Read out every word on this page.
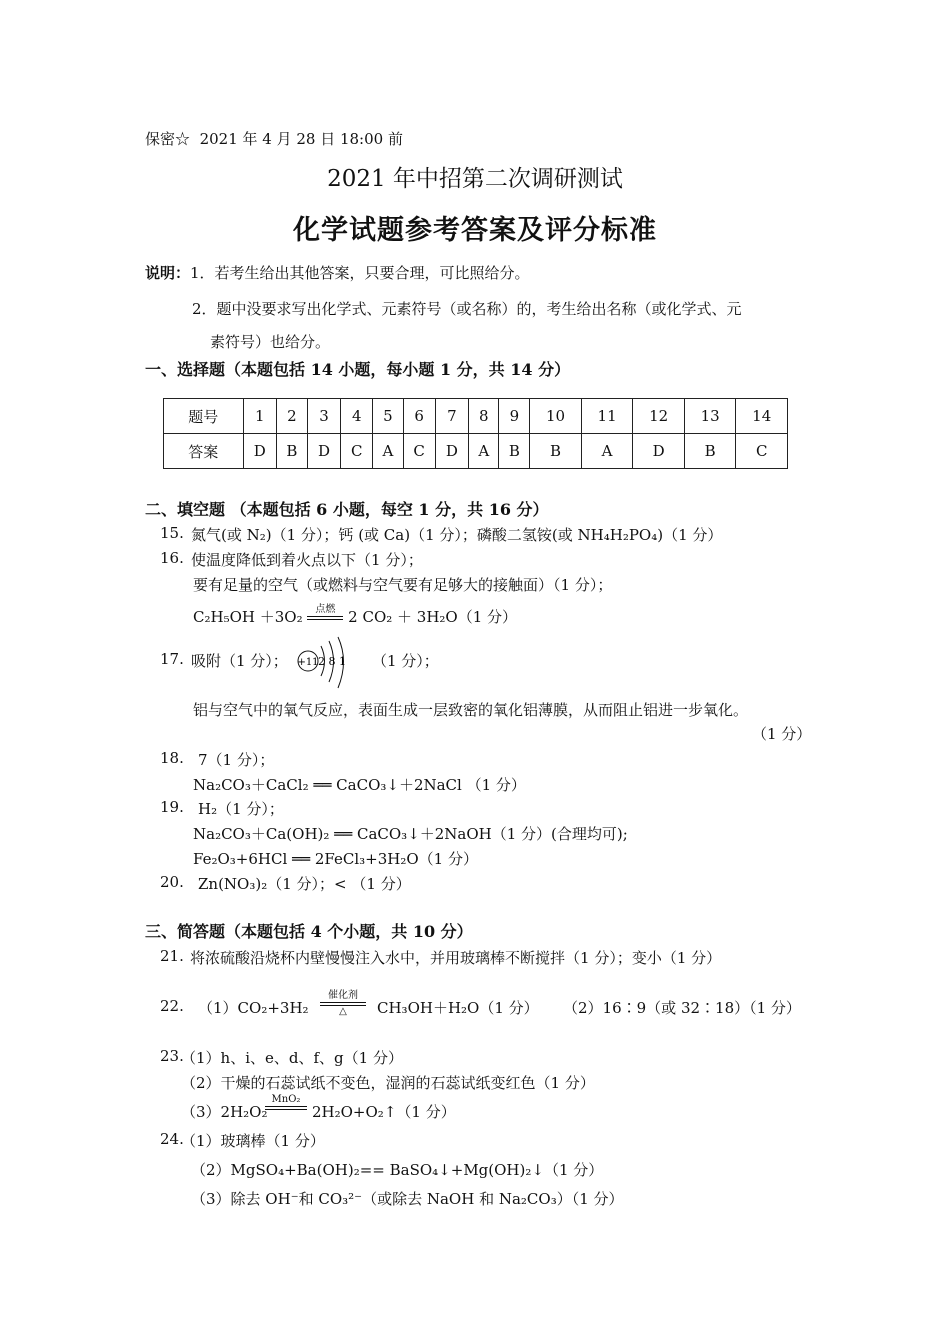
保密☆ 2021 年 4 月 28 日 18:00 前
2021 年中招第二次调研测试
化学试题参考答案及评分标准
说明：1．若考生给出其他答案，只要合理，可比照给分。
2．题中没要求写出化学式、元素符号（或名称）的，考生给出名称（或化学式、元
素符号）也给分。
一、选择题（本题包括 14 小题，每小题 1 分，共 14 分）
题号	1	2	3	4	5	6	7	8	9	10	11	12	13	14
答案	D	B	D	C	A	C	D	A	B	B	A	D	B	C
二、填空题 （本题包括 6 小题，每空 1 分，共 16 分）
15. 氮气(或 N₂)（1 分）；钙 (或 Ca)（1 分）；磷酸二氢铵(或 NH₄H₂PO₄)（1 分）
16. 使温度降低到着火点以下（1 分）；
要有足量的空气（或燃料与空气要有足够大的接触面）（1 分）；
C₂H₅OH ＋3O₂	点燃 2 CO₂ ＋ 3H₂O（1 分）
17. 吸附（1 分）； +11 2 8 1 （1 分）；
铝与空气中的氧气反应，表面生成一层致密的氧化铝薄膜，从而阻止铝进一步氧化。
（1 分）
18. 7（1 分）；
Na₂CO₃＋CaCl₂ ══ CaCO₃↓＋2NaCl （1 分）
19. H₂（1 分）；
Na₂CO₃＋Ca(OH)₂ ══ CaCO₃↓＋2NaOH（1 分）(合理均可);
Fe₂O₃+6HCl ══ 2FeCl₃+3H₂O（1 分）
20. Zn(NO₃)₂（1 分）；< （1 分）
三、简答题（本题包括 4 个小题，共 10 分）
21. 将浓硫酸沿烧杯内壁慢慢注入水中，并用玻璃棒不断搅拌（1 分）；变小（1 分）
22. （1）CO₂+3H₂
催化剂
△	CH₃OH＋H₂O（1 分） （2）16∶9（或 32∶18）（1 分）
23.
（1）h、i、e、d、f、g（1 分）
（2）干燥的石蕊试纸不变色，湿润的石蕊试纸变红色（1 分）
（3）2H₂O₂
MnO₂
2H₂O+O₂↑（1 分）
24.
（1）玻璃棒（1 分）
（2）MgSO₄+Ba(OH)₂== BaSO₄↓+Mg(OH)₂↓（1 分）
（3）除去 OH⁻和 CO₃²⁻（或除去 NaOH 和 Na₂CO₃）（1 分）
